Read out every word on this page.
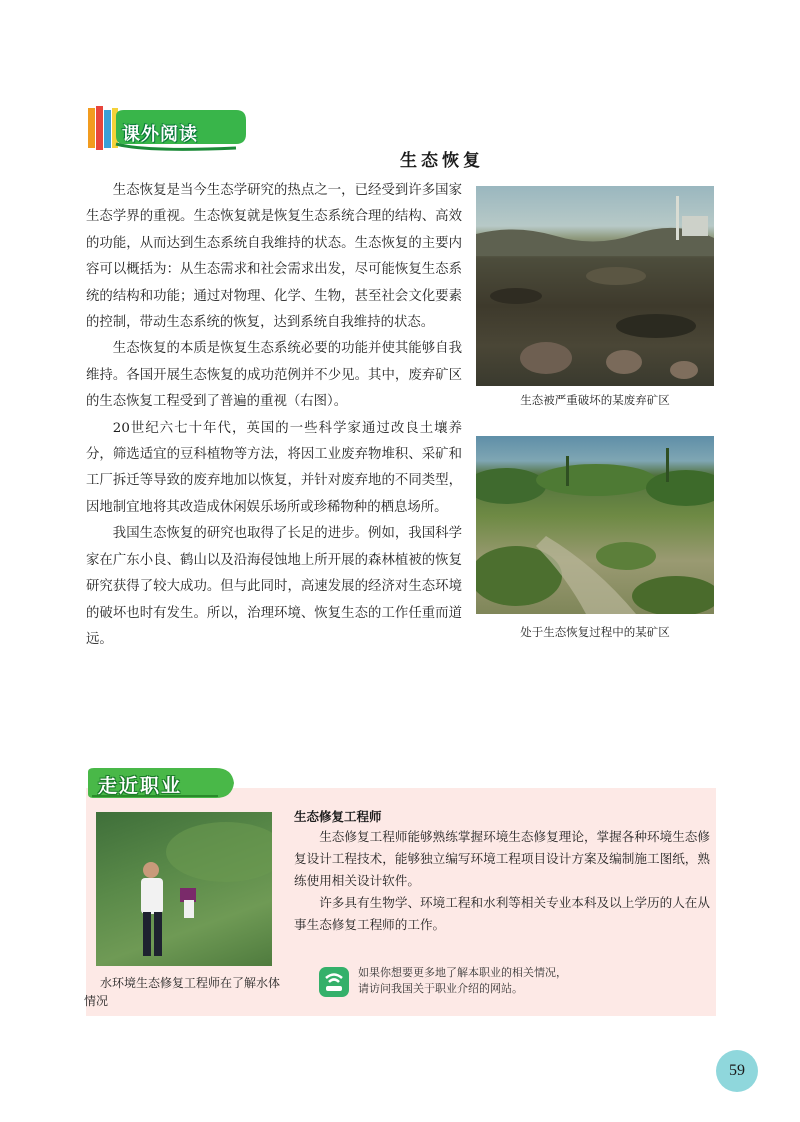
课外阅读
生态恢复

生态恢复是当今生态学研究的热点之一，已经受到许多国家生态学界的重视。生态恢复就是恢复生态系统合理的结构、高效的功能，从而达到生态系统自我维持的状态。生态恢复的主要内容可以概括为：从生态需求和社会需求出发，尽可能恢复生态系统的结构和功能；通过对物理、化学、生物，甚至社会文化要素的控制，带动生态系统的恢复，达到系统自我维持的状态。

生态恢复的本质是恢复生态系统必要的功能并使其能够自我维持。各国开展生态恢复的成功范例并不少见。其中，废弃矿区的生态恢复工程受到了普遍的重视（右图）。

20世纪六七十年代，英国的一些科学家通过改良土壤养分，筛选适宜的豆科植物等方法，将因工业废弃物堆积、采矿和工厂拆迁等导致的废弃地加以恢复，并针对废弃地的不同类型，因地制宜地将其改造成休闲娱乐场所或珍稀物种的栖息场所。

我国生态恢复的研究也取得了长足的进步。例如，我国科学家在广东小良、鹤山以及沿海侵蚀地上所开展的森林植被的恢复研究获得了较大成功。但与此同时，高速发展的经济对生态环境的破坏也时有发生。所以，治理环境、恢复生态的工作任重而道远。

生态被严重破坏的某废弃矿区
处于生态恢复过程中的某矿区
走近职业
水环境生态修复工程师在了解水体情况
生态修复工程师

生态修复工程师能够熟练掌握环境生态修复理论，掌握各种环境生态修复设计工程技术，能够独立编写环境工程项目设计方案及编制施工图纸，熟练使用相关设计软件。

许多具有生物学、环境工程和水利等相关专业本科及以上学历的人在从事生态修复工程师的工作。

如果你想要更多地了解本职业的相关情况，
请访问我国关于职业介绍的网站。
59
